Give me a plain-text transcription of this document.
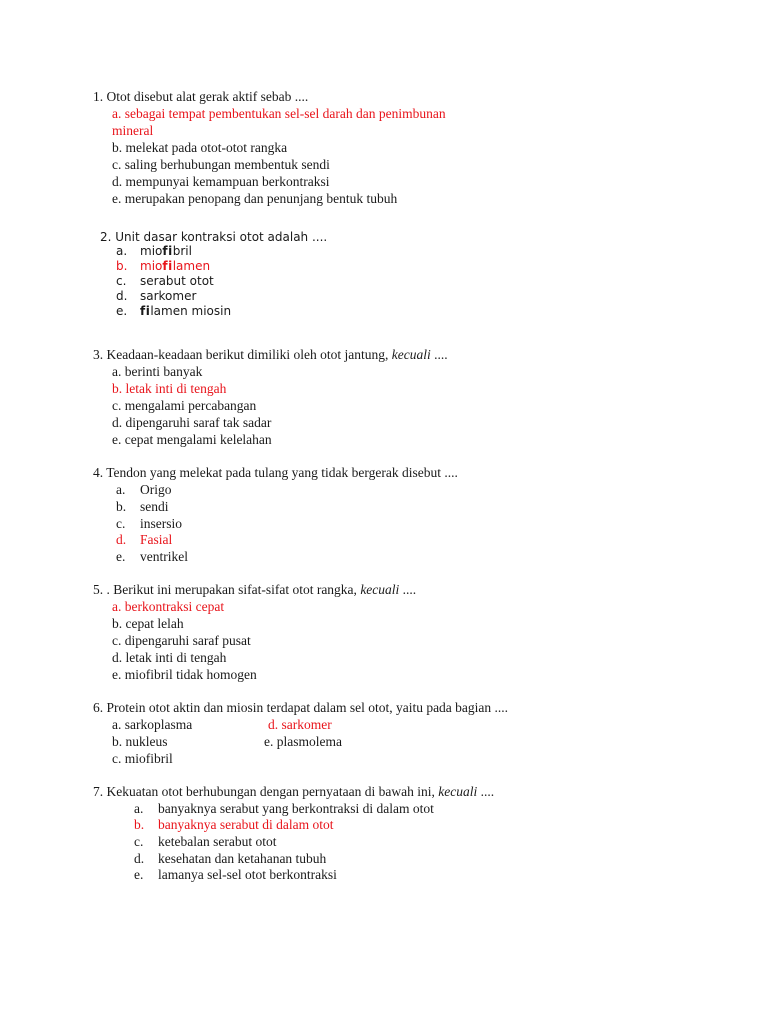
1. Otot disebut alat gerak aktif sebab ....
a. sebagai tempat pembentukan sel-sel darah dan penimbunan
mineral
b. melekat pada otot-otot rangka
c. saling berhubungan membentuk sendi
d. mempunyai kemampuan berkontraksi
e. merupakan penopang dan penunjang bentuk tubuh
2. Unit dasar kontraksi otot adalah ....
a. miofibril
b. miofilamen
c. serabut otot
d. sarkomer
e. filamen miosin
3. Keadaan-keadaan berikut dimiliki oleh otot jantung, kecuali ....
a. berinti banyak
b. letak inti di tengah
c. mengalami percabangan
d. dipengaruhi saraf tak sadar
e. cepat mengalami kelelahan
4. Tendon yang melekat pada tulang yang tidak bergerak disebut ....
a. Origo
b. sendi
c. insersio
d. Fasial
e. ventrikel
5. . Berikut ini merupakan sifat-sifat otot rangka, kecuali ....
a. berkontraksi cepat
b. cepat lelah
c. dipengaruhi saraf pusat
d. letak inti di tengah
e. miofibril tidak homogen
6. Protein otot aktin dan miosin terdapat dalam sel otot, yaitu pada bagian ....
a. sarkoplasma	d. sarkomer
b. nukleus	e. plasmolema
c. miofibril
7. Kekuatan otot berhubungan dengan pernyataan di bawah ini, kecuali ....
a. banyaknya serabut yang berkontraksi di dalam otot
b. banyaknya serabut di dalam otot
c. ketebalan serabut otot
d. kesehatan dan ketahanan tubuh
e. lamanya sel-sel otot berkontraksi
